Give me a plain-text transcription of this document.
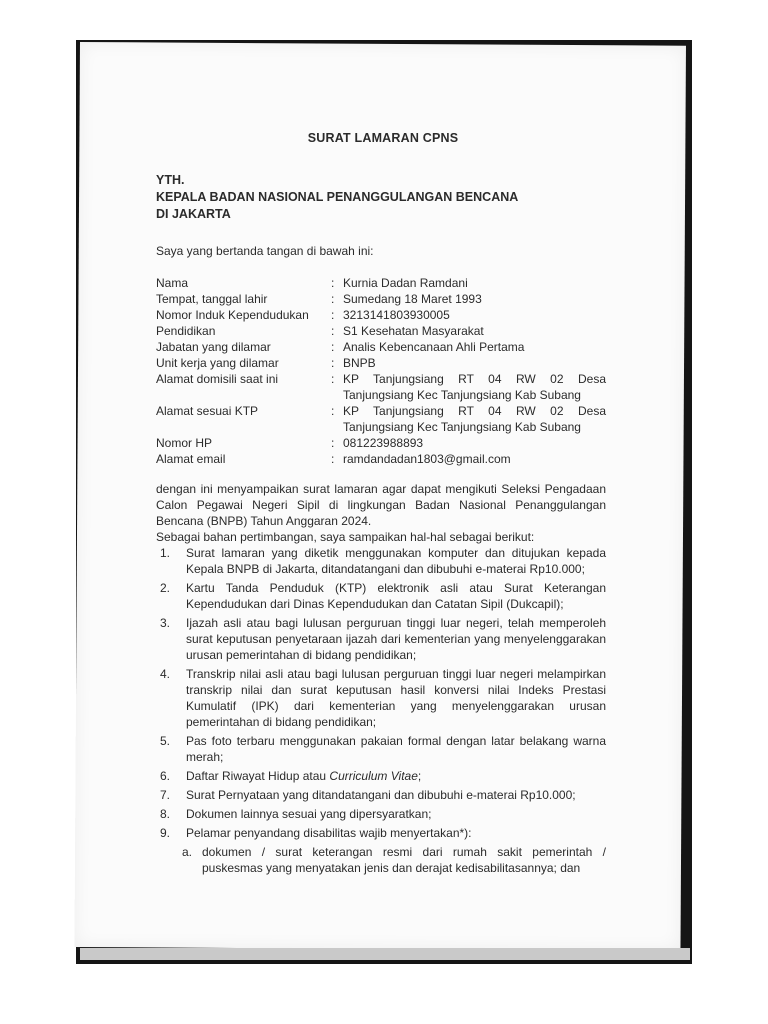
SURAT LAMARAN CPNS
YTH.
KEPALA BADAN NASIONAL PENANGGULANGAN BENCANA
DI JAKARTA
Saya yang bertanda tangan di bawah ini:
Nama	: Kurnia Dadan Ramdani
Tempat, tanggal lahir	: Sumedang 18 Maret 1993
Nomor Induk Kependudukan	: 3213141803930005
Pendidikan	: S1 Kesehatan Masyarakat
Jabatan yang dilamar	: Analis Kebencanaan Ahli Pertama
Unit kerja yang dilamar	: BNPB
Alamat domisili saat ini	: KP Tanjungsiang RT 04 RW 02 Desa Tanjungsiang Kec Tanjungsiang Kab Subang
Alamat sesuai KTP	: KP Tanjungsiang RT 04 RW 02 Desa Tanjungsiang Kec Tanjungsiang Kab Subang
Nomor HP	: 081223988893
Alamat email	: ramdandadan1803@gmail.com
dengan ini menyampaikan surat lamaran agar dapat mengikuti Seleksi Pengadaan Calon Pegawai Negeri Sipil di lingkungan Badan Nasional Penanggulangan Bencana (BNPB) Tahun Anggaran 2024.
Sebagai bahan pertimbangan, saya sampaikan hal-hal sebagai berikut:
1.	Surat lamaran yang diketik menggunakan komputer dan ditujukan kepada Kepala BNPB di Jakarta, ditandatangani dan dibubuhi e-materai Rp10.000;
2.	Kartu Tanda Penduduk (KTP) elektronik asli atau Surat Keterangan Kependudukan dari Dinas Kependudukan dan Catatan Sipil (Dukcapil);
3.	Ijazah asli atau bagi lulusan perguruan tinggi luar negeri, telah memperoleh surat keputusan penyetaraan ijazah dari kementerian yang menyelenggarakan urusan pemerintahan di bidang pendidikan;
4.	Transkrip nilai asli atau bagi lulusan perguruan tinggi luar negeri melampirkan transkrip nilai dan surat keputusan hasil konversi nilai Indeks Prestasi Kumulatif (IPK) dari kementerian yang menyelenggarakan urusan pemerintahan di bidang pendidikan;
5.	Pas foto terbaru menggunakan pakaian formal dengan latar belakang warna merah;
6.	Daftar Riwayat Hidup atau Curriculum Vitae;
7.	Surat Pernyataan yang ditandatangani dan dibubuhi e-materai Rp10.000;
8.	Dokumen lainnya sesuai yang dipersyaratkan;
9.	Pelamar penyandang disabilitas wajib menyertakan*):
a. dokumen / surat keterangan resmi dari rumah sakit pemerintah / puskesmas yang menyatakan jenis dan derajat kedisabilitasannya; dan
